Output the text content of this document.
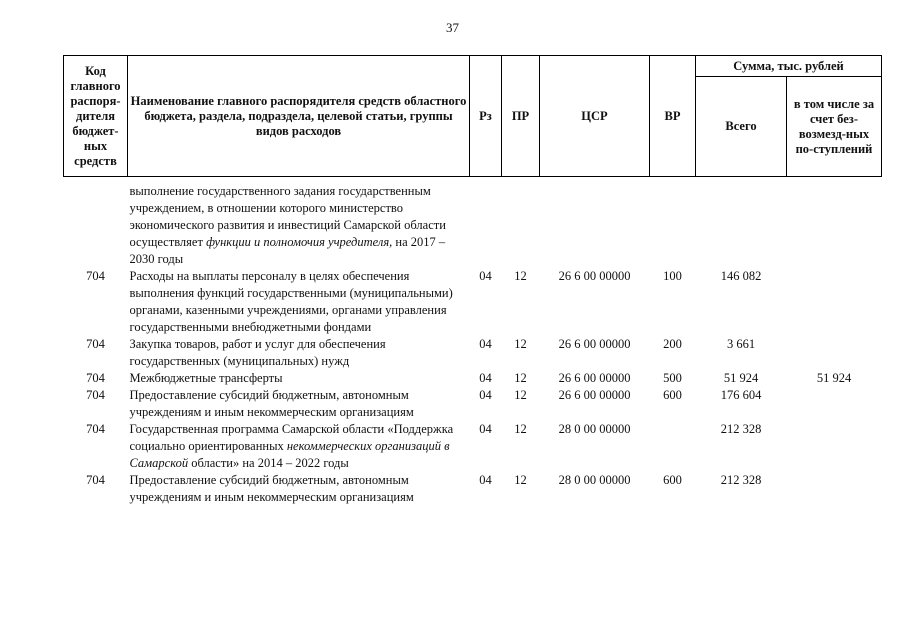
37
Код главного распоря-дителя бюджет-ных средств	Наименование главного распорядителя средств областного бюджета, раздела, подраздела, целевой статьи, группы видов расходов	Рз	ПР	ЦСР	ВР	Сумма, тыс. рублей	
						Всего	в том числе за счет без-возмезд-ных по-ступлений
	выполнение государственного задания государственным учреждением, в отношении которого министерство экономического развития и инвестиций Самарской области осуществляет функции и полномочия учредителя, на 2017 – 2030 годы						
704	Расходы на выплаты персоналу в целях обеспечения выполнения функций государственными (муниципальными) органами, казенными учреждениями, органами управления государственными внебюджетными фондами	04	12	26 6 00 00000	100	146 082	
704	Закупка товаров, работ и услуг для обеспечения государственных (муниципальных) нужд	04	12	26 6 00 00000	200	3 661	
704	Межбюджетные трансферты	04	12	26 6 00 00000	500	51 924	51 924
704	Предоставление субсидий бюджетным, автономным учреждениям и иным некоммерческим организациям	04	12	26 6 00 00000	600	176 604	
704	Государственная программа Самарской области «Поддержка социально ориентированных некоммерческих организаций в Самарской области» на 2014 – 2022 годы	04	12	28 0 00 00000		212 328	
704	Предоставление субсидий бюджетным, автономным учреждениям и иным некоммерческим организациям	04	12	28 0 00 00000	600	212 328	
